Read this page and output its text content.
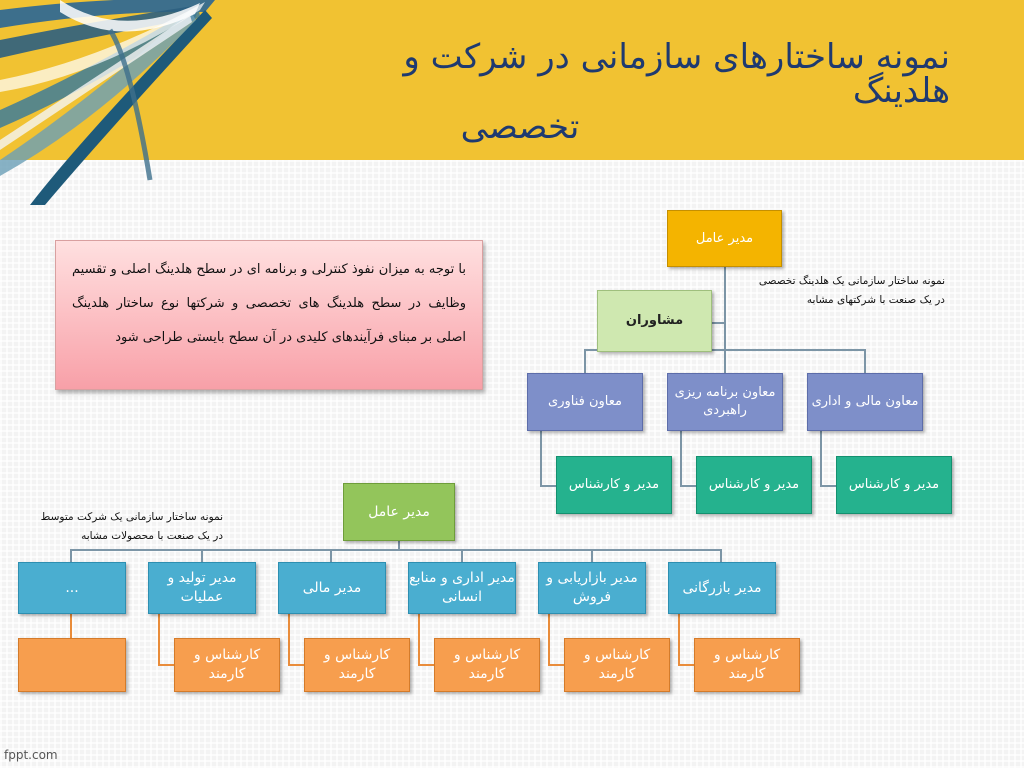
نمونه ساختارهای سازمانی در شرکت و هلدینگ
تخصصی
با توجه به میزان نفوذ کنترلی و برنامه ای در سطح هلدینگ اصلی و تقسیم وظایف در سطح هلدینگ های تخصصی و شرکتها نوع ساختار هلدینگ اصلی بر مبنای فرآیندهای کلیدی در آن سطح بایستی طراحی شود
نمونه ساختار سازمانی یک هلدینگ تخصصی
در یک صنعت با شرکتهای مشابه
مدیر عامل
مشاوران
معاون فناوری
معاون برنامه ریزی راهبردی
معاون مالی و اداری
مدیر و کارشناس	مدیر و کارشناس	مدیر و کارشناس
نمونه ساختار سازمانی یک شرکت متوسط
در یک صنعت با محصولات مشابه
مدیر عامل
...
مدیر تولید و عملیات
مدیر مالی
مدیر اداری و منابع انسانی
مدیر بازاریابی و فروش
مدیر بازرگانی
کارشناس و کارمند
کارشناس و کارمند
کارشناس و کارمند
کارشناس و کارمند
کارشناس و کارمند
fppt.com
